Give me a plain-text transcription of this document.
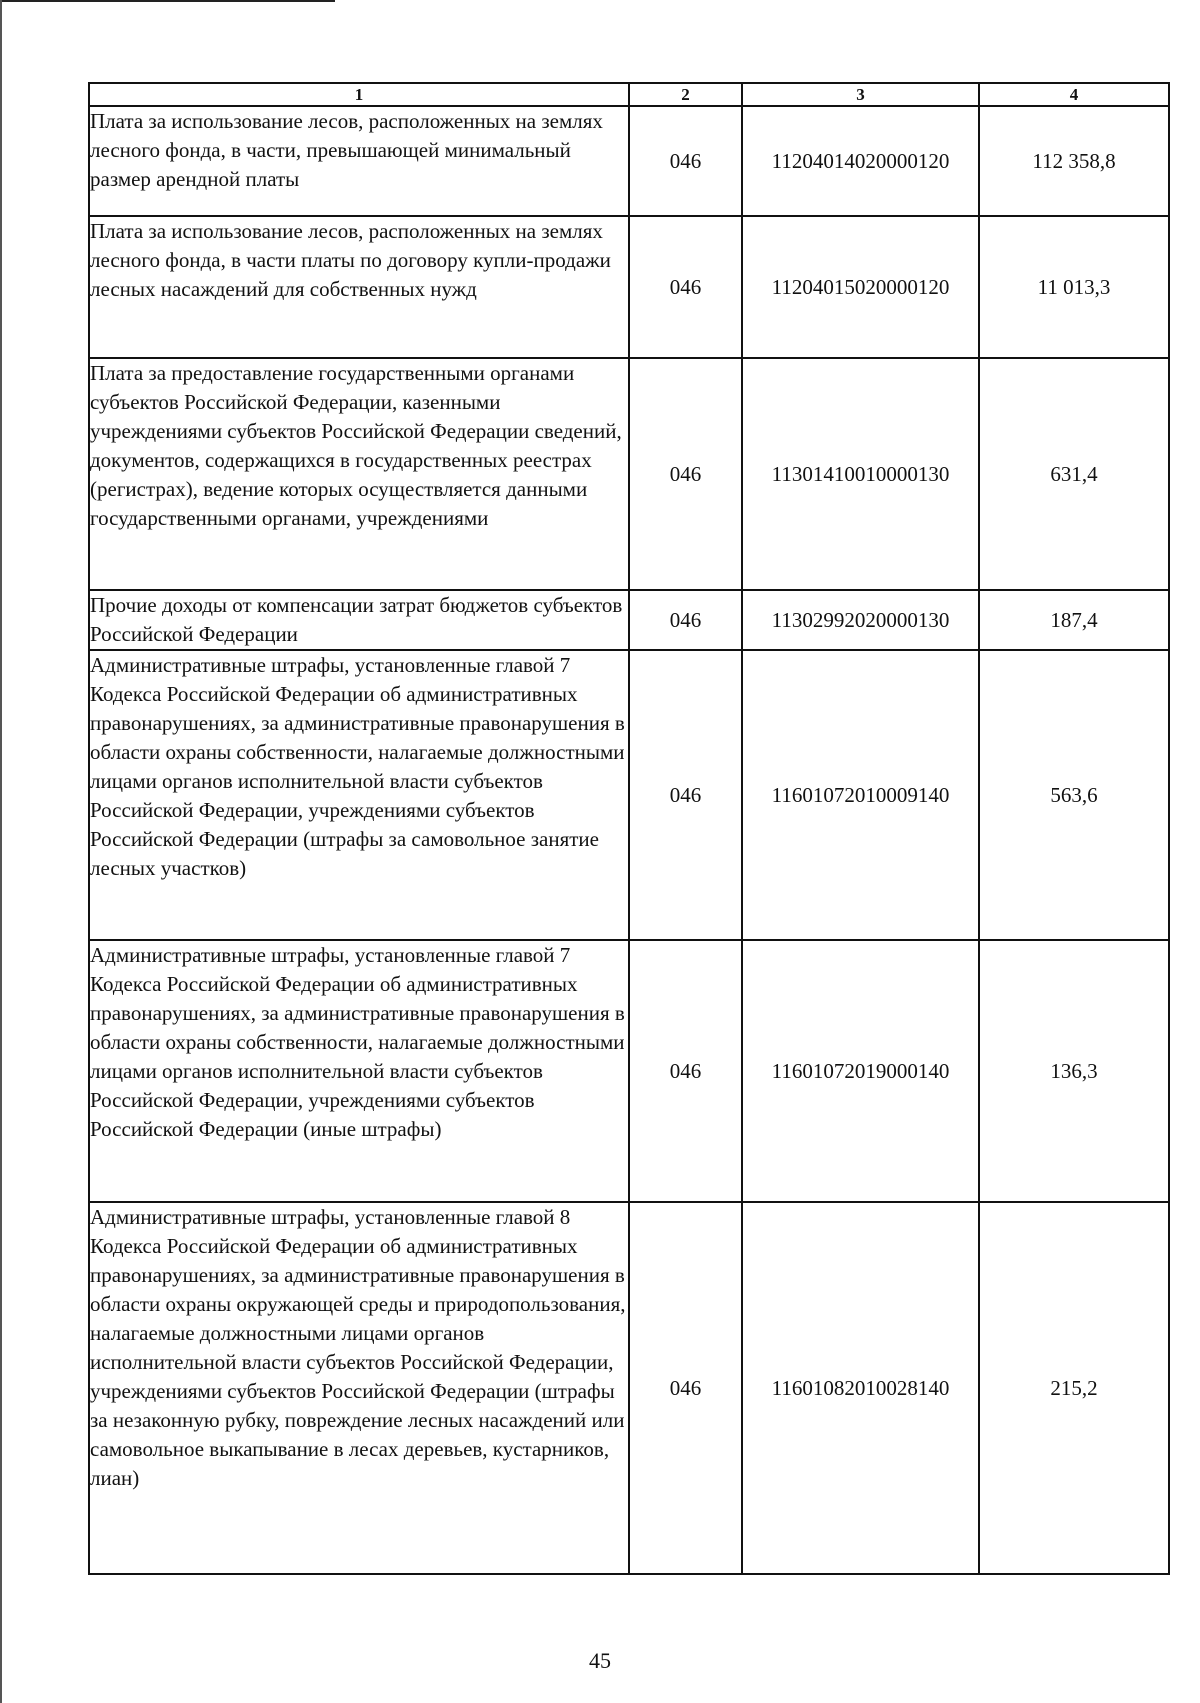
1	2	3	4
Плата за использование лесов, расположенных на землях лесного фонда, в части, превышающей минимальный размер арендной платы	046	11204014020000120	112 358,8
Плата за использование лесов, расположенных на землях лесного фонда, в части платы по договору купли-продажи лесных насаждений для собственных нужд	046	11204015020000120	11 013,3
Плата за предоставление государственными органами субъектов Российской Федерации, казенными учреждениями субъектов Российской Федерации сведений, документов, содержащихся в государственных реестрах (регистрах), ведение которых осуществляется данными государственными органами, учреждениями	046	11301410010000130	631,4
Прочие доходы от компенсации затрат бюджетов субъектов Российской Федерации	046	11302992020000130	187,4
Административные штрафы, установленные главой 7 Кодекса Российской Федерации об административных правонарушениях, за административные правонарушения в области охраны собственности, налагаемые должностными лицами органов исполнительной власти субъектов Российской Федерации, учреждениями субъектов Российской Федерации (штрафы за самовольное занятие лесных участков)	046	11601072010009140	563,6
Административные штрафы, установленные главой 7 Кодекса Российской Федерации об административных правонарушениях, за административные правонарушения в области охраны собственности, налагаемые должностными лицами органов исполнительной власти субъектов Российской Федерации, учреждениями субъектов Российской Федерации (иные штрафы)	046	11601072019000140	136,3
Административные штрафы, установленные главой 8 Кодекса Российской Федерации об административных правонарушениях, за административные правонарушения в области охраны окружающей среды и природопользования, налагаемые должностными лицами органов исполнительной власти субъектов Российской Федерации, учреждениями субъектов Российской Федерации (штрафы за незаконную рубку, повреждение лесных насаждений или самовольное выкапывание в лесах деревьев, кустарников, лиан)	046	11601082010028140	215,2
45
